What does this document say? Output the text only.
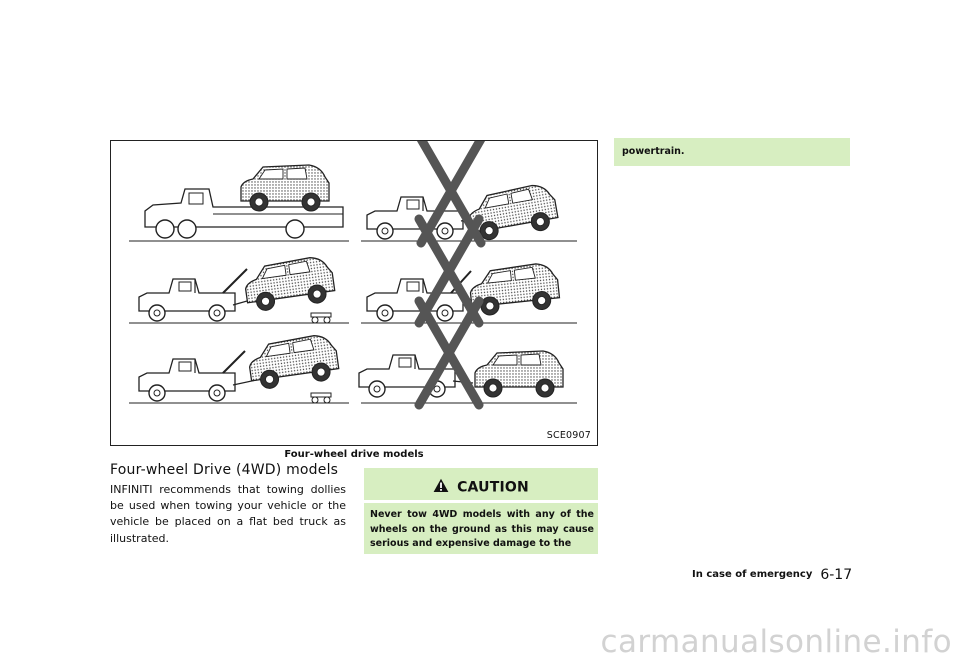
SCE0907
Four-wheel drive models
Four-wheel Drive (4WD) models
INFINITI recommends that towing dollies be used when towing your vehicle or the vehicle be placed on a flat bed truck as illustrated.
CAUTION
Never tow 4WD models with any of the wheels on the ground as this may cause serious and expensive damage to the
powertrain.
In case of emergency 6-17
carmanualsonline.info
